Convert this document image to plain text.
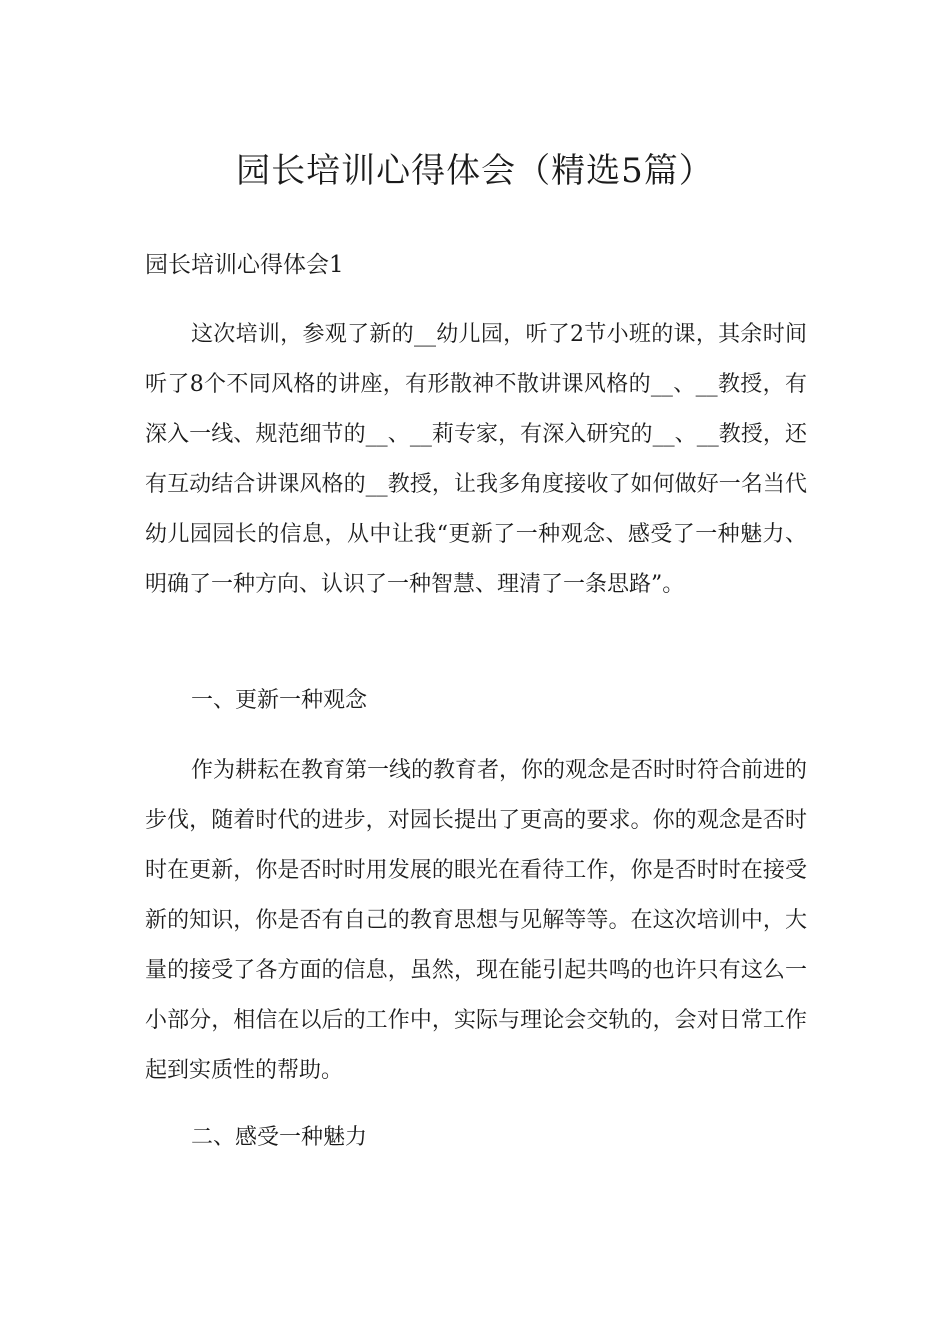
园长培训心得体会（精选5篇）
园长培训心得体会1

这次培训，参观了新的__幼儿园，听了2节小班的课，其余时间听了8个不同风格的讲座，有形散神不散讲课风格的__、__教授，有深入一线、规范细节的__、__莉专家，有深入研究的__、__教授，还有互动结合讲课风格的__教授，让我多角度接收了如何做好一名当代幼儿园园长的信息，从中让我“更新了一种观念、感受了一种魅力、明确了一种方向、认识了一种智慧、理清了一条思路”。

一、更新一种观念

作为耕耘在教育第一线的教育者，你的观念是否时时符合前进的步伐，随着时代的进步，对园长提出了更高的要求。你的观念是否时时在更新，你是否时时用发展的眼光在看待工作，你是否时时在接受新的知识，你是否有自己的教育思想与见解等等。在这次培训中，大量的接受了各方面的信息，虽然，现在能引起共鸣的也许只有这么一小部分，相信在以后的工作中，实际与理论会交轨的，会对日常工作起到实质性的帮助。

二、感受一种魅力
